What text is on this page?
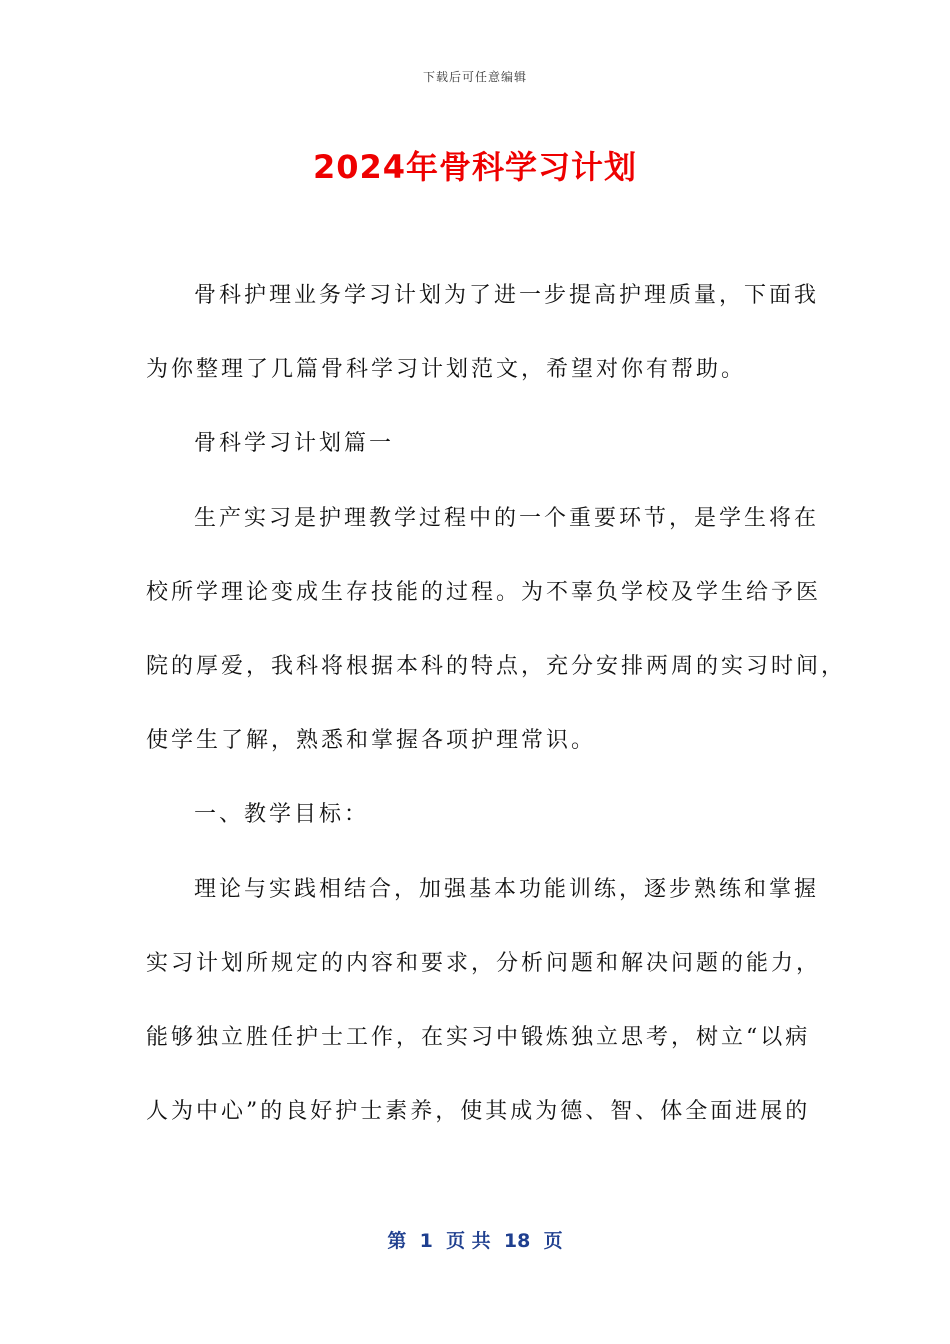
下载后可任意编辑
2024年骨科学习计划
骨科护理业务学习计划为了进一步提高护理质量，下面我
为你整理了几篇骨科学习计划范文，希望对你有帮助。
骨科学习计划篇一
生产实习是护理教学过程中的一个重要环节，是学生将在
校所学理论变成生存技能的过程。为不辜负学校及学生给予医
院的厚爱，我科将根据本科的特点，充分安排两周的实习时间，
使学生了解，熟悉和掌握各项护理常识。
一、教学目标：
理论与实践相结合，加强基本功能训练，逐步熟练和掌握
实习计划所规定的内容和要求，分析问题和解决问题的能力，
能够独立胜任护士工作，在实习中锻炼独立思考，树立“以病
人为中心”的良好护士素养，使其成为德、智、体全面进展的
第  1  页 共  18  页
